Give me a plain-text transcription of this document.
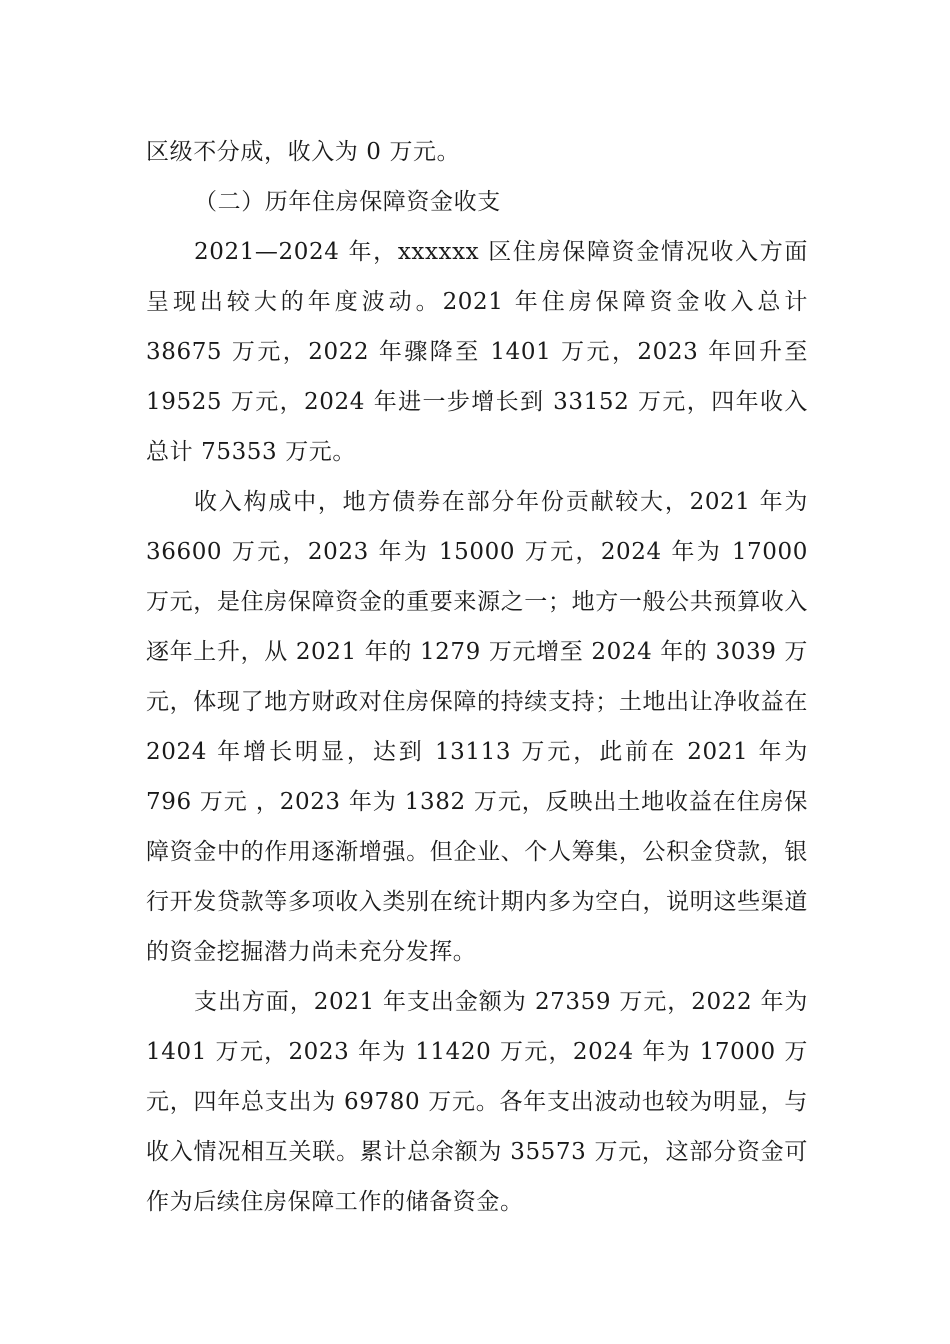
区级不分成，收入为 0 万元。

（二）历年住房保障资金收支

2021—2024 年，xxxxxx 区住房保障资金情况收入方面呈现出较大的年度波动。2021 年住房保障资金收入总计 38675 万元，2022 年骤降至 1401 万元，2023 年回升至 19525 万元，2024 年进一步增长到 33152 万元，四年收入总计 75353 万元。

收入构成中，地方债券在部分年份贡献较大，2021 年为 36600 万元，2023 年为 15000 万元，2024 年为 17000 万元，是住房保障资金的重要来源之一；地方一般公共预算收入逐年上升，从 2021 年的 1279 万元增至 2024 年的 3039 万元，体现了地方财政对住房保障的持续支持；土地出让净收益在 2024 年增长明显，达到 13113 万元，此前在 2021 年为 796 万元 ，2023 年为 1382 万元，反映出土地收益在住房保障资金中的作用逐渐增强。但企业、个人筹集，公积金贷款，银行开发贷款等多项收入类别在统计期内多为空白，说明这些渠道的资金挖掘潜力尚未充分发挥。

支出方面，2021 年支出金额为 27359 万元，2022 年为 1401 万元，2023 年为 11420 万元，2024 年为 17000 万元，四年总支出为 69780 万元。各年支出波动也较为明显，与收入情况相互关联。累计总余额为 35573 万元，这部分资金可作为后续住房保障工作的储备资金。
